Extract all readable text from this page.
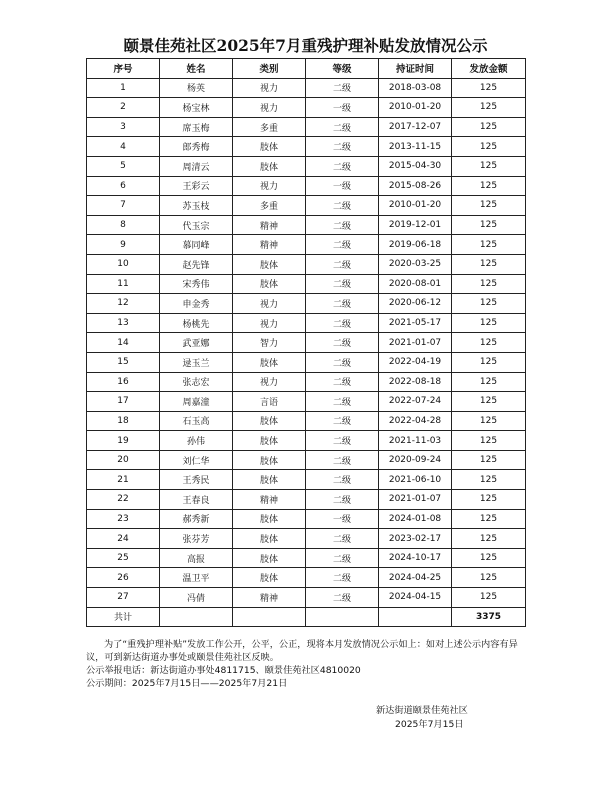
颐景佳苑社区2025年7月重残护理补贴发放情况公示
序号	姓名	类别	等级	持证时间	发放金额
1	杨英	视力	二级	2018-03-08	125
2	杨宝林	视力	一级	2010-01-20	125
3	席玉梅	多重	二级	2017-12-07	125
4	郎秀梅	肢体	二级	2013-11-15	125
5	周清云	肢体	二级	2015-04-30	125
6	王彩云	视力	一级	2015-08-26	125
7	苏玉枝	多重	二级	2010-01-20	125
8	代玉宗	精神	二级	2019-12-01	125
9	慕同峰	精神	二级	2019-06-18	125
10	赵先锋	肢体	二级	2020-03-25	125
11	宋秀伟	肢体	二级	2020-08-01	125
12	申金秀	视力	二级	2020-06-12	125
13	杨桃先	视力	二级	2021-05-17	125
14	武亚娜	智力	二级	2021-01-07	125
15	逯玉兰	肢体	二级	2022-04-19	125
16	张志宏	视力	二级	2022-08-18	125
17	周嘉潼	言语	二级	2022-07-24	125
18	石玉高	肢体	二级	2022-04-28	125
19	孙伟	肢体	二级	2021-11-03	125
20	刘仁华	肢体	二级	2020-09-24	125
21	王秀民	肢体	二级	2021-06-10	125
22	王春良	精神	二级	2021-01-07	125
23	郝秀新	肢体	一级	2024-01-08	125
24	张芬芳	肢体	二级	2023-02-17	125
25	高报	肢体	二级	2024-10-17	125
26	温卫平	肢体	二级	2024-04-25	125
27	冯倩	精神	二级	2024-04-15	125
共计					3375

为了“重残护理补贴”发放工作公开，公平，公正，现将本月发放情况公示如上：如对上述公示内容有异议，可到新达街道办事处或颐景佳苑社区反映。

公示举报电话：新达街道办事处4811715、颐景佳苑社区4810020

公示期间：2025年7月15日——2025年7月21日

新达街道颐景佳苑社区
2025年7月15日
